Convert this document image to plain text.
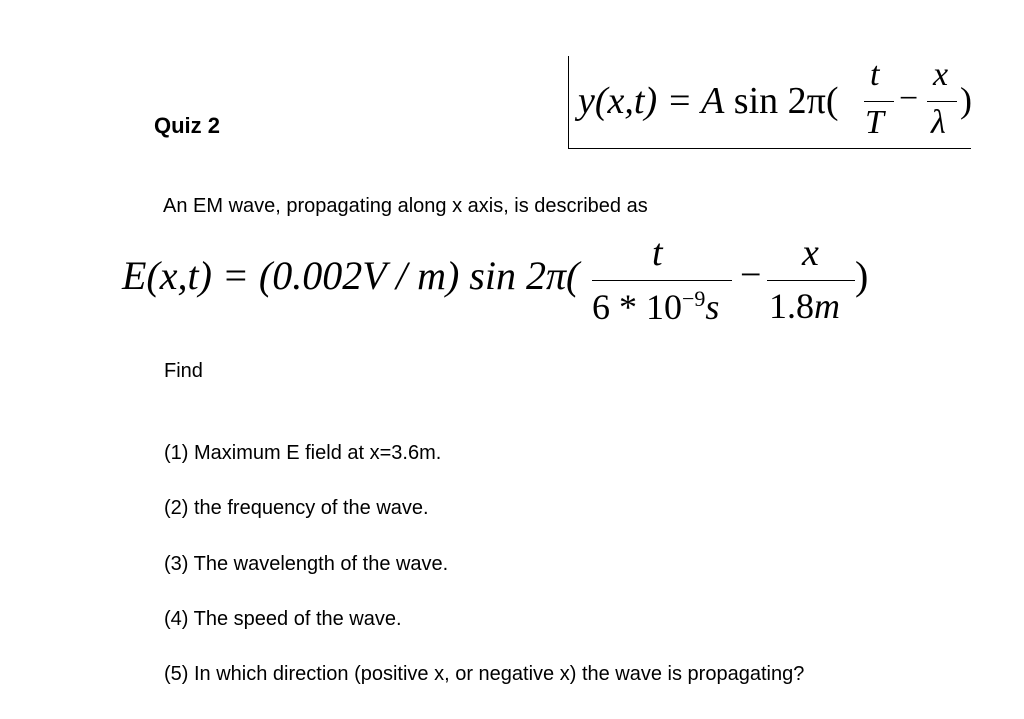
Quiz 2
y(x,t) = A sin 2π(
t
T
−
x
λ
)
An EM wave, propagating along x axis, is described as
E(x,t) = (0.002V / m) sin 2π( t
$6 * 10^{-9}s$
−
x
1.8m
)
Find
(1) Maximum E field at x=3.6m.
(2) the frequency of the wave.
(3) The wavelength of the wave.
(4) The speed of the wave.
(5) In which direction (positive x, or negative x) the wave is propagating?
